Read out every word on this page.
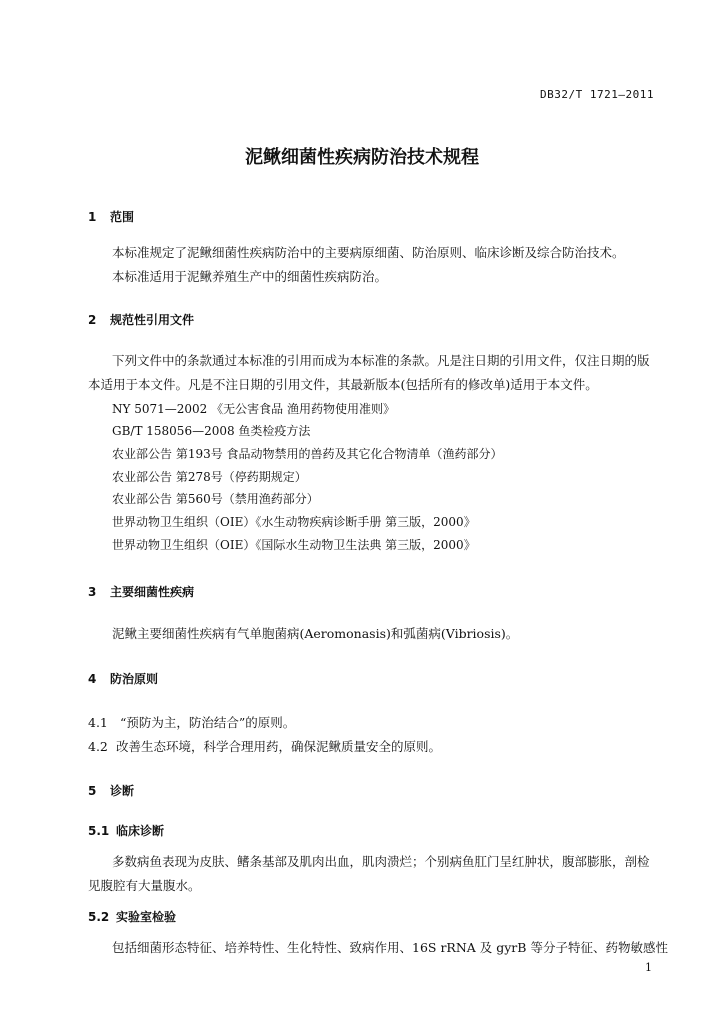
DB32/T 1721—2011
泥鳅细菌性疾病防治技术规程
1 范围
本标准规定了泥鳅细菌性疾病防治中的主要病原细菌、防治原则、临床诊断及综合防治技术。
本标准适用于泥鳅养殖生产中的细菌性疾病防治。
2 规范性引用文件
下列文件中的条款通过本标准的引用而成为本标准的条款。凡是注日期的引用文件，仅注日期的版
本适用于本文件。凡是不注日期的引用文件，其最新版本(包括所有的修改单)适用于本文件。
NY 5071—2002 《无公害食品 渔用药物使用准则》
GB/T 158056—2008 鱼类检疫方法
农业部公告 第193号 食品动物禁用的兽药及其它化合物清单（渔药部分）
农业部公告 第278号（停药期规定）
农业部公告 第560号（禁用渔药部分）
世界动物卫生组织（OIE）《水生动物疾病诊断手册 第三版，2000》
世界动物卫生组织（OIE）《国际水生动物卫生法典 第三版，2000》
3 主要细菌性疾病
泥鳅主要细菌性疾病有气单胞菌病(Aeromonasis)和弧菌病(Vibriosis)。
4 防治原则
4.1 “预防为主，防治结合”的原则。
4.2 改善生态环境，科学合理用药，确保泥鳅质量安全的原则。
5 诊断
5.1 临床诊断
多数病鱼表现为皮肤、鳍条基部及肌肉出血，肌肉溃烂；个别病鱼肛门呈红肿状，腹部膨胀，剖检
见腹腔有大量腹水。
5.2 实验室检验
包括细菌形态特征、培养特性、生化特性、致病作用、16S rRNA 及 gyrB 等分子特征、药物敏感性
1
